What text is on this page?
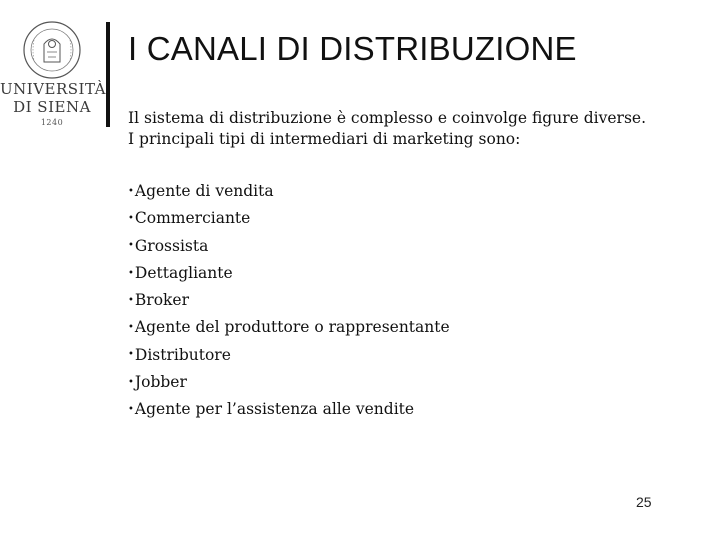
UNIVERSITÀ
DI SIENA
1240
I CANALI DI DISTRIBUZIONE

Il sistema di distribuzione è complesso e coinvolge figure diverse.
I principali tipi di intermediari di marketing sono:

•Agente di vendita
•Commerciante
•Grossista
•Dettagliante
•Broker
•Agente del produttore o rappresentante
•Distributore
•Jobber
•Agente per l’assistenza alle vendite
25
